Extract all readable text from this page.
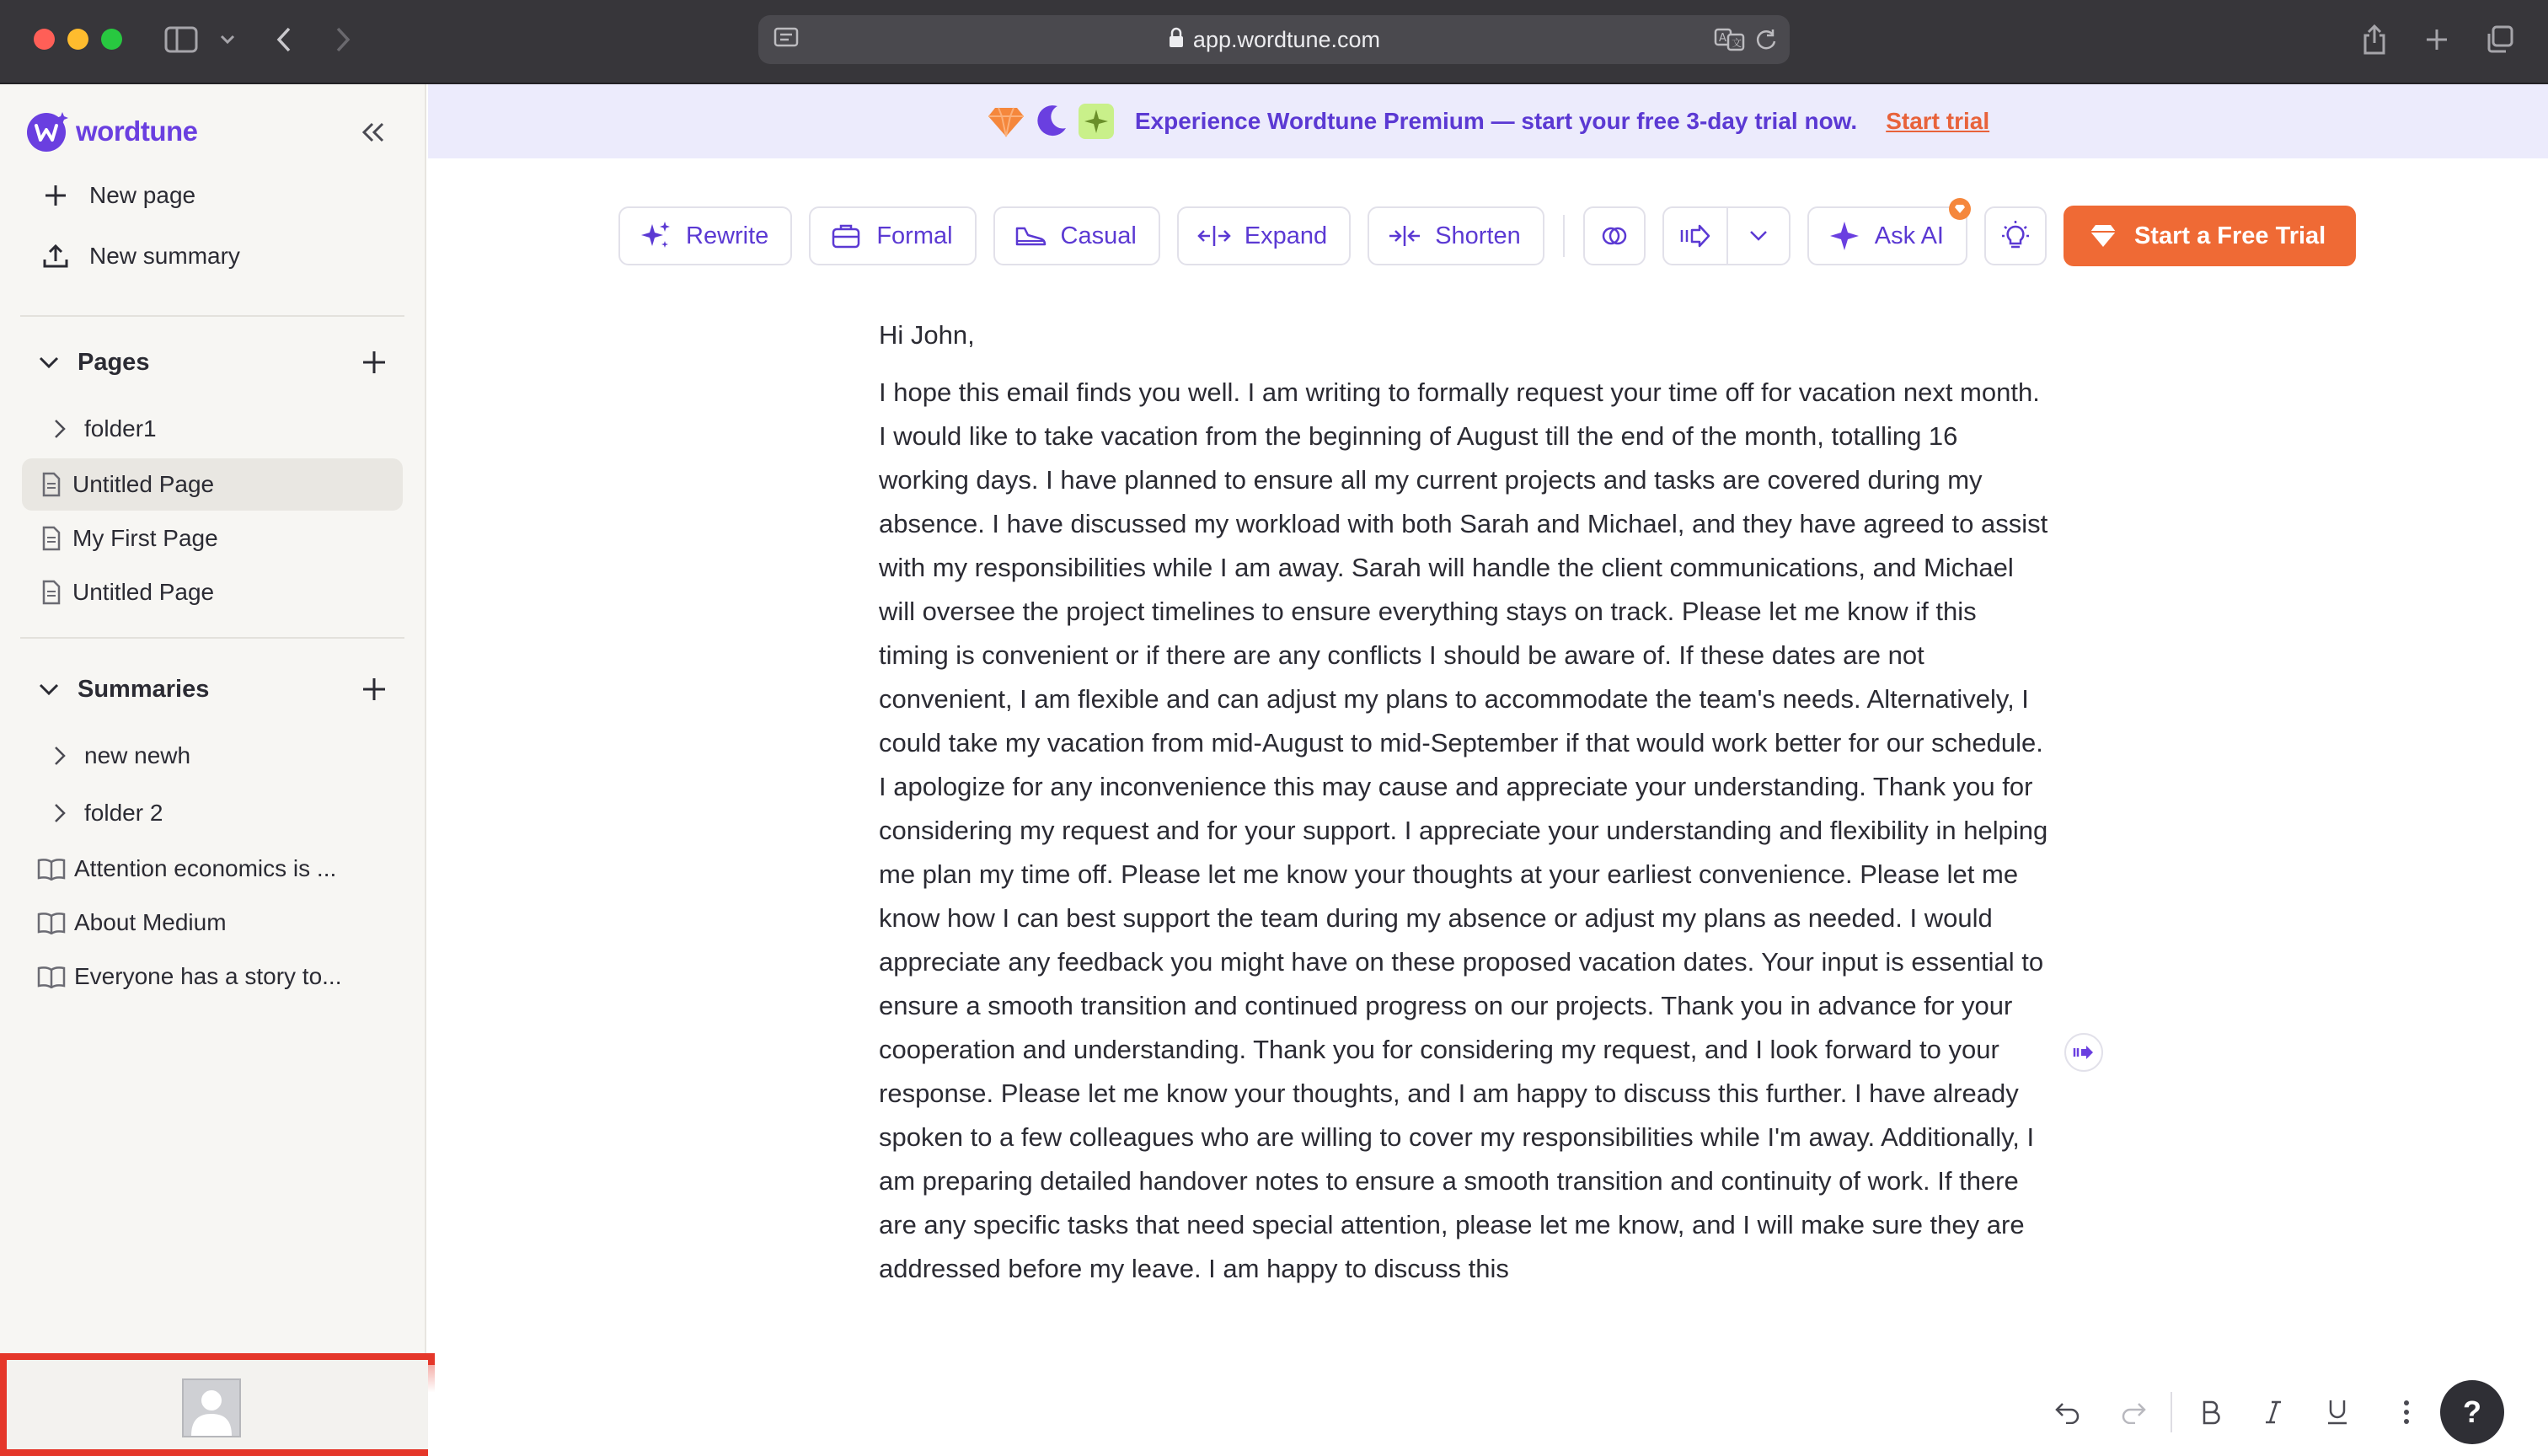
app.wordtune.com	A 文
wordtune
New page
New summary
Pages
folder1
Untitled Page
My First Page
Untitled Page
Summaries
new newh
folder 2
Attention economics is ...
About Medium
Everyone has a story to...
Experience Wordtune Premium — start your free 3-day trial now. Start trial
Rewrite	Formal	Casual	Expand	Shorten	Ask AI	Start a Free Trial

Hi John,

I hope this email finds you well. I am writing to formally request your time off for vacation next month. I would like to take vacation from the beginning of August till the end of the month, totalling 16 working days. I have planned to ensure all my current projects and tasks are covered during my absence. I have discussed my workload with both Sarah and Michael, and they have agreed to assist with my responsibilities while I am away. Sarah will handle the client communications, and Michael will oversee the project timelines to ensure everything stays on track. Please let me know if this timing is convenient or if there are any conflicts I should be aware of. If these dates are not convenient, I am flexible and can adjust my plans to accommodate the team's needs. Alternatively, I could take my vacation from mid-August to mid-September if that would work better for our schedule. I apologize for any inconvenience this may cause and appreciate your understanding. Thank you for considering my request and for your support. I appreciate your understanding and flexibility in helping me plan my time off. Please let me know your thoughts at your earliest convenience. Please let me know how I can best support the team during my absence or adjust my plans as needed. I would appreciate any feedback you might have on these proposed vacation dates. Your input is essential to ensure a smooth transition and continued progress on our projects. Thank you in advance for your cooperation and understanding. Thank you for considering my request, and I look forward to your response. Please let me know your thoughts, and I am happy to discuss this further. I have already spoken to a few colleagues who are willing to cover my responsibilities while I'm away. Additionally, I am preparing detailed handover notes to ensure a smooth transition and continuity of work. If there are any specific tasks that need special attention, please let me know, and I will make sure they are addressed before my leave. I am happy to discuss this

?
